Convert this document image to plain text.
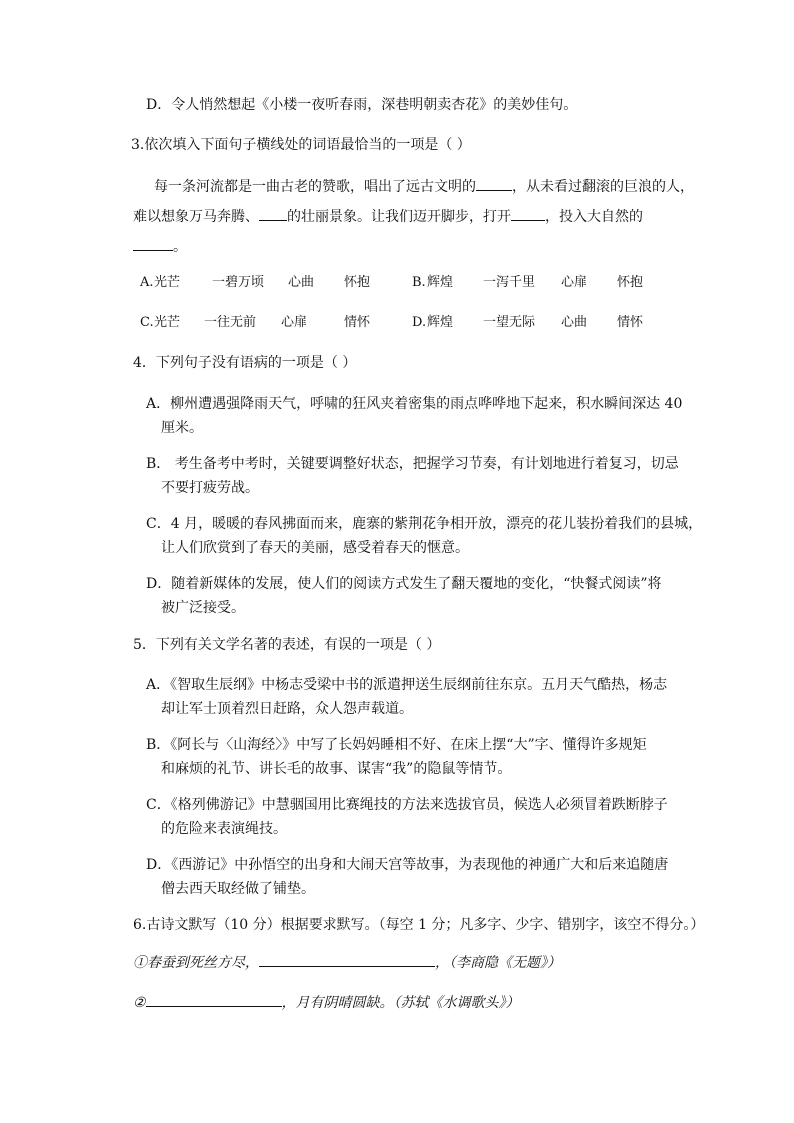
D．令人悄然想起《小楼一夜听春雨，深巷明朝卖杏花》的美妙佳句。
3.依次填入下面句子横线处的词语最恰当的一项是（ ）
每一条河流都是一曲古老的赞歌，唱出了远古文明的	，从未看过翻滚的巨浪的人，
难以想象万马奔腾、 的壮丽景象。让我们迈开脚步，打开 ，投入大自然的
。
A. 光芒 一碧万顷 心曲 怀抱	B. 辉煌 一泻千里 心扉 怀抱
C. 光芒 一往无前 心扉	情怀	D. 辉煌 一望无际 心曲 情怀
4．下列句子没有语病的一项是（ ）
A．柳州遭遇强降雨天气，呼啸的狂风夹着密集的雨点哗哗地下起来，积水瞬间深达 40
厘米。
B． 考生备考中考时，关键要调整好状态，把握学习节奏，有计划地进行着复习，切忌
不要打疲劳战。
C．4 月，暖暖的春风拂面而来，鹿寨的紫荆花争相开放，漂亮的花儿装扮着我们的县城，
让人们欣赏到了春天的美丽，感受着春天的惬意。
D．随着新媒体的发展，使人们的阅读方式发生了翻天覆地的变化，“快餐式阅读”将
被广泛接受。
5．下列有关文学名著的表述，有误的一项是（ ）
A．《智取生辰纲》中杨志受梁中书的派遣押送生辰纲前往东京。五月天气酷热，杨志
却让军士顶着烈日赶路，众人怨声载道。
B．《阿长与〈山海经〉》中写了长妈妈睡相不好、在床上摆“大”字、懂得许多规矩
和麻烦的礼节、讲长毛的故事、谋害“我”的隐鼠等情节。
C．《格列佛游记》中慧骃国用比赛绳技的方法来选拔官员，候选人必须冒着跌断脖子
的危险来表演绳技。
D．《西游记》中孙悟空的出身和大闹天宫等故事，为表现他的神通广大和后来追随唐
僧去西天取经做了铺垫。
6.古诗文默写（10 分）根据要求默写。（每空 1 分；凡多字、少字、错别字，该空不得分。）
①春蚕到死丝方尽，	，（李商隐《无题》）
②	，月有阴晴圆缺。（苏轼《水调歌头》）
